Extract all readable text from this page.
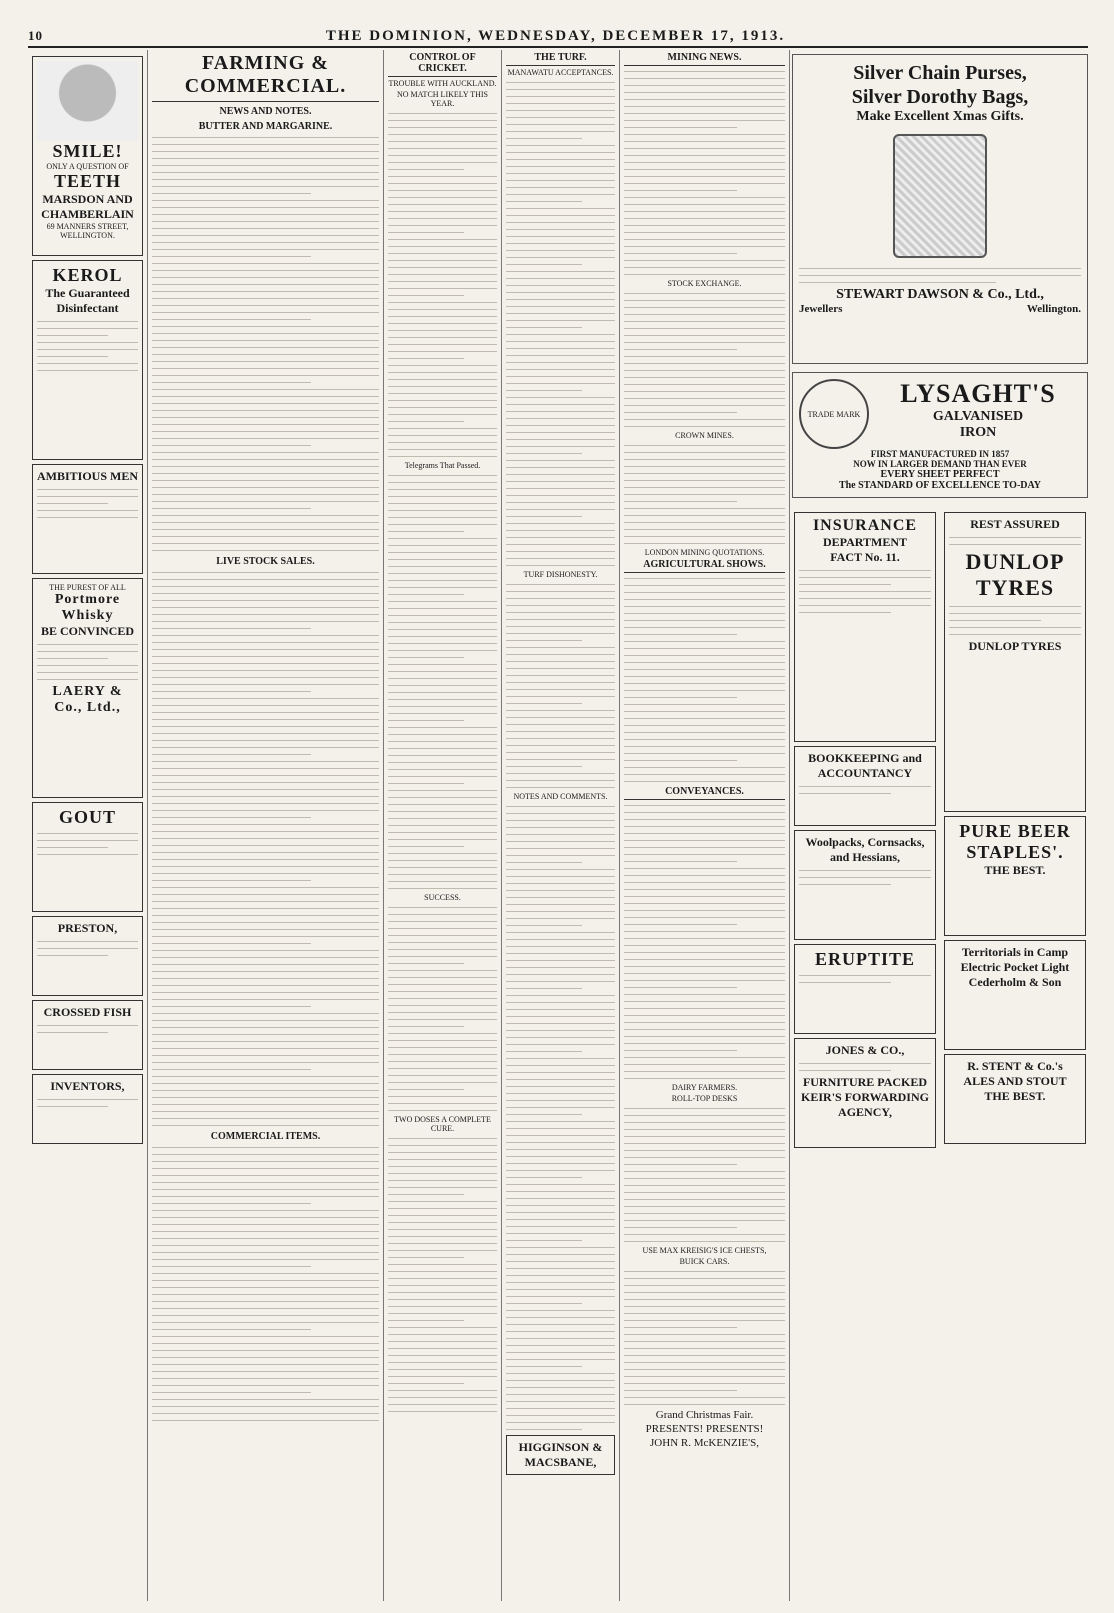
10	THE DOMINION, WEDNESDAY, DECEMBER 17, 1913.
SMILE!
ONLY A QUESTION OF
TEETH
MARSDON AND CHAMBERLAIN
69 MANNERS STREET,
WELLINGTON.
KEROL
The Guaranteed Disinfectant
AMBITIOUS MEN
THE PUREST OF ALL
Portmore Whisky
BE CONVINCED
LAERY & Co., Ltd.,
GOUT
PRESTON,
CROSSED FISH
INVENTORS,
FARMING & COMMERCIAL.
NEWS AND NOTES.
BUTTER AND MARGARINE.
LIVE STOCK SALES.
COMMERCIAL ITEMS.
CONTROL OF CRICKET.
TROUBLE WITH AUCKLAND.
NO MATCH LIKELY THIS YEAR.
Telegrams That Passed.
SUCCESS.
TWO DOSES A COMPLETE CURE.
THE TURF.
MANAWATU ACCEPTANCES.
TURF DISHONESTY.
NOTES AND COMMENTS.
HIGGINSON & MACSBANE,
MINING NEWS.
STOCK EXCHANGE.
CROWN MINES.
LONDON MINING QUOTATIONS.
AGRICULTURAL SHOWS.
CONVEYANCES.
DAIRY FARMERS.
ROLL-TOP DESKS
USE MAX KREISIG'S ICE CHESTS,
BUICK CARS.
Grand Christmas Fair.
PRESENTS! PRESENTS!
JOHN R. McKENZIE'S,
Silver Chain Purses,
Silver Dorothy Bags,
Make Excellent Xmas Gifts.
STEWART DAWSON & Co., Ltd.,
Jewellers	Wellington.
TRADE MARK
LYSAGHT'S
GALVANISED
IRON
FIRST MANUFACTURED IN 1857
NOW IN LARGER DEMAND THAN EVER
EVERY SHEET PERFECT
The STANDARD OF EXCELLENCE TO-DAY
INSURANCE
DEPARTMENT
FACT No. 11.
BOOKKEEPING and ACCOUNTANCY
Woolpacks, Cornsacks, and Hessians,
ERUPTITE
JONES & CO.,
FURNITURE PACKED
KEIR'S FORWARDING AGENCY,
REST ASSURED
DUNLOP
TYRES
DUNLOP TYRES
PURE BEER
STAPLES'.
THE BEST.
Territorials in Camp
Electric Pocket Light
Cederholm & Son
R. STENT & Co.'s
ALES AND STOUT
THE BEST.
